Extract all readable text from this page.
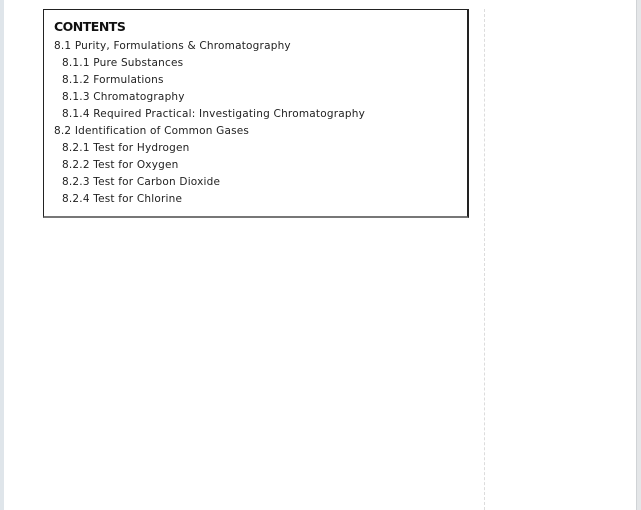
CONTENTS
8.1 Purity, Formulations & Chromatography
8.1.1 Pure Substances
8.1.2 Formulations
8.1.3 Chromatography
8.1.4 Required Practical: Investigating Chromatography
8.2 Identification of Common Gases
8.2.1 Test for Hydrogen
8.2.2 Test for Oxygen
8.2.3 Test for Carbon Dioxide
8.2.4 Test for Chlorine
